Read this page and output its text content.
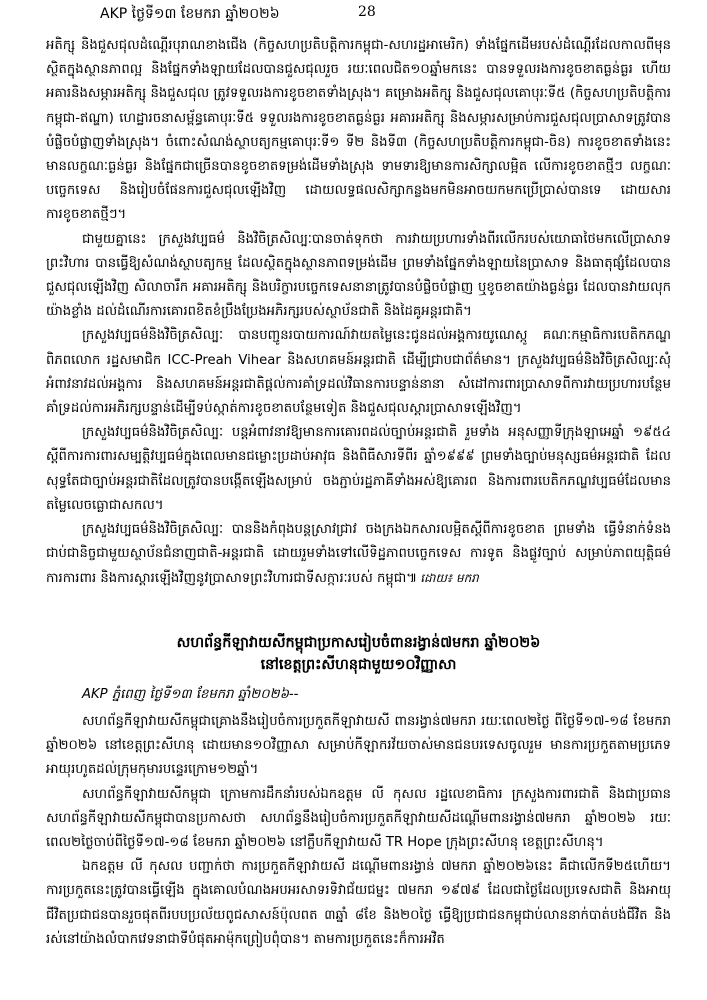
AKP ថ្ងៃទី១៣ ខែមករា ឆ្នាំ២០២៦	28

អតិក្សុ និងជួសជុលដំណើ្តរបុរាណខាងជើង (កិច្ចសហប្រតិបត្តិការកម្ពុជា-សហរដ្ឋអាមេរិក) ទាំងផ្នែកដើមរបស់ដំណើ្តរដែលកាលពីមុនស្ថិតក្នុងស្ថានភាពល្អ និងផ្នែកទាំងឡាយដែលបានជួសជុលរួច រយៈពេលជិត១០ឆ្នាំមកនេះ បានទទួលរងការខូចខាតធ្ងន់ធ្ងរ ហើយអគារនិងសម្ភារអតិក្សុ និងជួសជុល ត្រូវទទួលរងការខូចខាតទាំងស្រុង។ គម្រោងអតិក្សុ និងជួសជុលគោបុរៈទី៥ (កិច្ចសហប្រតិបត្តិការកម្ពុជា-ឥណ្ឌា) ហេដ្ឋារចនាសម្ព័ន្ធគោបុរៈទី៥ ទទួលរងការខូចខាតធ្ងន់ធ្ងរ អគារអតិក្សុ និងសម្ភារសម្រាប់ការជួសជុលប្រាសាទត្រូវបានបំផ្លិចបំផ្លាញទាំងស្រុង។ ចំពោះសំណង់ស្ថាបត្យកម្មគោបុរៈទី១ ទី២ និងទី៣ (កិច្ចសហប្រតិបត្តិការកម្ពុជា-ចិន) ការខូចខាតទាំងនេះមានលក្ខណៈធ្ងន់ធ្ងរ និងផ្នែកជាច្រើនបានខូចខាតទម្រង់ដើមទាំងស្រុង ទាមទារឱ្យមានការសិក្សាលម្អិត លើការខូចខាតថ្មីៗ លក្ខណៈបច្ចេកទេស និងរៀបចំផែនការជួសជុលឡើងវិញ ដោយលទ្ធផលសិក្សាកន្លងមកមិនអាចយកមកប្រើប្រាស់បានទេ ដោយសារការខូចខាតថ្មីៗ។

ជាមួយគ្នានេះ ក្រសួងវប្បធម៌ និងវិចិត្រសិល្បៈបានចាត់ទុកថា ការវាយប្រហារទាំងពីរលើករបស់យោធាថៃមកលើប្រាសាទព្រះវិហារ បានធ្វើឱ្យសំណង់ស្ថាបត្យកម្ម ដែលស្ថិតក្នុងស្ថានភាពទម្រង់ដើម ព្រមទាំងផ្នែកទាំងឡាយនៃប្រាសាទ និងធាតុផ្សំដែលបានជួសជុលឡើងវិញ សិលាចារឹក អគារអតិក្សុ និងបរិក្ខារបច្ចេកទេសនានាត្រូវបានបំផ្លិចបំផ្លាញ ឬខូចខាតយ៉ាងធ្ងន់ធ្ងរ ដែលបានវាយលុកយ៉ាងខ្លាំង ដល់ដំណើរការគោរពខិតខំប្រឹងប្រែងអភិរក្សរបស់ស្ថាប័នជាតិ និងដៃគូអន្តរជាតិ។

ក្រសួងវប្បធម៌និងវិចិត្រសិល្បៈ បានបញ្ជូនរបាយការណ៍វាយតម្លៃនេះជូនដល់អង្គការយូណេស្កូ គណៈកម្មាធិការបេតិកភណ្ឌពិភពលោក រដ្ឋសមាជិក ICC-Preah Vihear និងសហគមន៍អន្តរជាតិ ដើម្បីជ្រាបជាព័ត៌មាន។ ក្រសួងវប្បធម៌និងវិចិត្រសិល្បៈសុំអំពាវនាវដល់អង្គការ និងសហគមន៍អន្តរជាតិផ្តល់ការគាំទ្រដល់វិធានការបន្ទាន់នានា សំដៅការពារប្រាសាទពីការវាយប្រហារបន្ថែម គាំទ្រដល់ការអភិរក្សបន្ទាន់ដើម្បីទប់ស្កាត់ការខូចខាតបន្ថែមទៀត និងជួសជុលស្តារប្រាសាទឡើងវិញ។

ក្រសួងវប្បធម៌និងវិចិត្រសិល្បៈ បន្តអំពាវនាវឱ្យមានការគោរពដល់ច្បាប់អន្តរជាតិ រួមទាំង អនុសញ្ញាទីក្រុងឡាអេឆ្នាំ ១៩៥៤ ស្តីពីការការពារសម្បត្តិវប្បធម៌ក្នុងពេលមានជម្លោះប្រដាប់អាវុធ និងពិធីសារទីពីរ ឆ្នាំ១៩៩៩ ព្រមទាំងច្បាប់មនុស្សធម៌អន្តរជាតិ ដែលសុទ្ធតែជាច្បាប់អន្តរជាតិដែលត្រូវបានបង្កើតឡើងសម្រាប់ ចងភ្ជាប់រដ្ឋភាគីទាំងអស់ឱ្យគោរព និងការពារបេតិកភណ្ឌវប្បធម៌ដែលមានតម្លៃលេចធ្លោជាសកល។

ក្រសួងវប្បធម៌និងវិចិត្រសិល្បៈ បាននិងកំពុងបន្តស្រាវជ្រាវ ចងក្រងឯកសារលម្អិតស្តីពីការខូចខាត ព្រមទាំង ធ្វើទំនាក់ទំនងជាប់ជានិច្ចជាមួយស្ថាប័នជំនាញជាតិ-អន្តរជាតិ ដោយរួមទាំងទៅលើទិដ្ឋភាពបច្ចេកទេស ការទូត និងផ្លូវច្បាប់ សម្រាប់ភាពយុត្តិធម៌ ការការពារ និងការស្តារឡើងវិញនូវប្រាសាទព្រះវិហារជាទីសក្ការៈរបស់ កម្ពុជា៕ ដោយ៖ មករា

សហព័ន្ធកីឡាវាយសីកម្ពុជាប្រកាសរៀបចំពានរង្វាន់៧មករា ឆ្នាំ២០២៦
នៅខេត្តព្រះសីហនុជាមួយ១០វិញ្ញាសា
AKP ភ្នំពេញ ថ្ងៃទី១៣ ខែមករា ឆ្នាំ២០២៦--

សហព័ន្ធកីឡាវាយសីកម្ពុជាគ្រោងនឹងរៀបចំការប្រកួតកីឡាវាយសី ពានរង្វាន់៧មករា រយៈពេល២ថ្ងៃ ពីថ្ងៃទី១៧-១៨ ខែមករា ឆ្នាំ២០២៦ នៅខេត្តព្រះសីហនុ ដោយមាន១០វិញ្ញាសា សម្រាប់កីឡាករវ័យចាស់មានជនបរទេសចូលរួម មានការប្រកួតតាមប្រភេទអាយុរហូតដល់ក្រុមកុមារបន្ទេរក្រោម១២ឆ្នាំ។

សហព័ន្ធកីឡាវាយសីកម្ពុជា ក្រោមការដឹកនាំរបស់ឯកឧត្តម លី កុសល រដ្ឋលេខាធិការ ក្រសួងការពារជាតិ និងជាប្រធានសហព័ន្ធកីឡាវាយសីកម្ពុជាបានប្រកាសថា សហព័ន្ធនឹងរៀបចំការប្រកួតកីឡាវាយសីដណ្តើមពានរង្វាន់៧មករា ឆ្នាំ២០២៦ រយៈពេល២ថ្ងៃចាប់ពីថ្ងៃទី១៧-១៨ ខែមករា ឆ្នាំ២០២៦ នៅក្លឹបកីឡាវាយសី TR Hope ក្រុងព្រះសីហនុ ខេត្តព្រះសីហនុ។

ឯកឧត្តម លី កុសល បញ្ជាក់ថា ការប្រកួតកីឡាវាយសី ដណ្តើមពានរង្វាន់ ៧មករា ឆ្នាំ២០២៦នេះ គឺជាលើកទី២៥ហើយ។ ការប្រកួតនេះត្រូវបានធ្វើឡើង ក្នុងគោលបំណងអបអរសាទរទិវាជ័យជម្នះ ៧មករា ១៩៧៩ ដែលជាថ្ងៃដែលប្រទេសជាតិ និងអាយុជីវិតប្រជាជនបានរួចផុតពីរបបប្រល័យពូជសាសន៍ប៉ុលពត ៣ឆ្នាំ ៨ខែ និង២០ថ្ងៃ ធ្វើឱ្យប្រជាជនកម្ពុជាប់លាននាក់បាត់បង់ជីវិត និងរស់នៅយ៉ាងលំបាកវេទនាជាទីបំផុតអាម៉ុកព្រៀបពុំបាន។ តាមការប្រកួតនេះក៏ការអវិត
